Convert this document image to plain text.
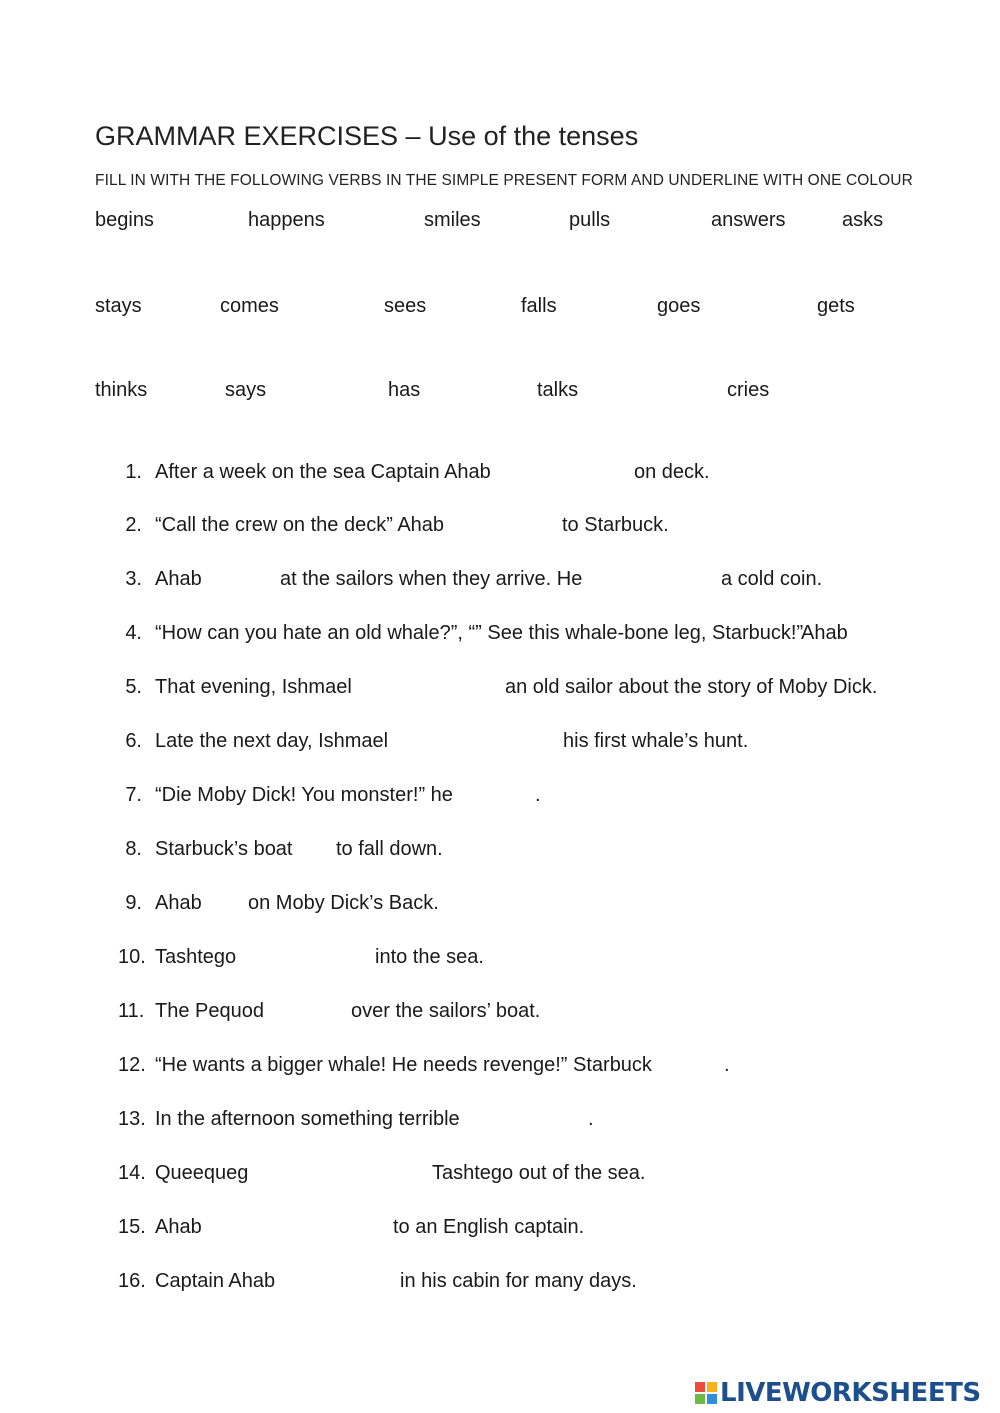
GRAMMAR EXERCISES – Use of the tenses
FILL IN WITH THE FOLLOWING VERBS IN THE SIMPLE PRESENT FORM AND UNDERLINE WITH ONE COLOUR
begins	happens	smiles	pulls	answers	asks
stays	comes	sees	falls	goes	gets
thinks	says	has	talks	cries
1. After a week on the sea Captain Ahab	on deck.
2. “Call the crew on the deck” Ahab	to Starbuck.
3. Ahab	at the sailors when they arrive. He	a cold coin.
4. “How can you hate an old whale?”, “” See this whale-bone leg, Starbuck!”
Ahab
5. That evening, Ishmael	an old sailor about the story of Moby Dick.
6. Late the next day, Ishmael	his first whale’s hunt.
7. “Die Moby Dick! You monster!” he	.
8. Starbuck’s boat to fall down.
9. Ahab on Moby Dick’s Back.
10. Tashtego	into the sea.
11. The Pequod	over the sailors’ boat.
12. “He wants a bigger whale! He needs revenge!” Starbuck	.
13. In the afternoon something terrible	.
14. Queequeg	Tashtego out of the sea.
15. Ahab	to an English captain.
16. Captain Ahab	in his cabin for many days.
LIVEWORKSHEETS
